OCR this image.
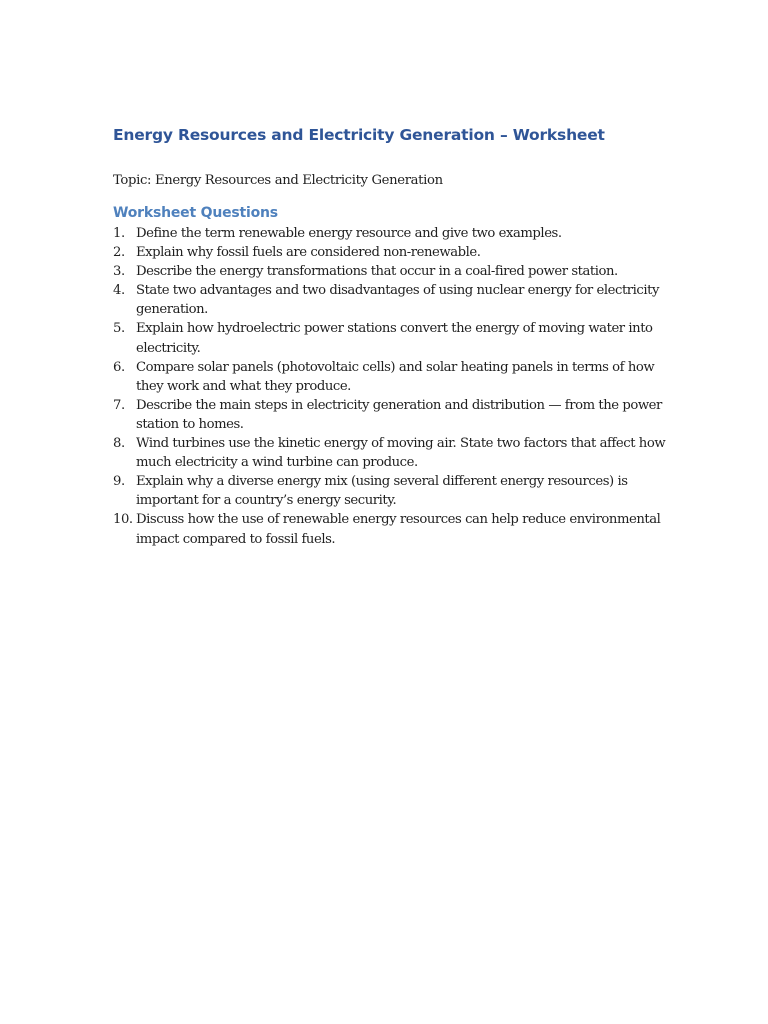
Energy Resources and Electricity Generation – Worksheet

Topic: Energy Resources and Electricity Generation

Worksheet Questions
1. Define the term renewable energy resource and give two examples.
2. Explain why fossil fuels are considered non-renewable.
3. Describe the energy transformations that occur in a coal-fired power station.
4. State two advantages and two disadvantages of using nuclear energy for electricity generation.
5. Explain how hydroelectric power stations convert the energy of moving water into electricity.
6. Compare solar panels (photovoltaic cells) and solar heating panels in terms of how they work and what they produce.
7. Describe the main steps in electricity generation and distribution — from the power station to homes.
8. Wind turbines use the kinetic energy of moving air. State two factors that affect how much electricity a wind turbine can produce.
9. Explain why a diverse energy mix (using several different energy resources) is important for a country’s energy security.
10. Discuss how the use of renewable energy resources can help reduce environmental impact compared to fossil fuels.
